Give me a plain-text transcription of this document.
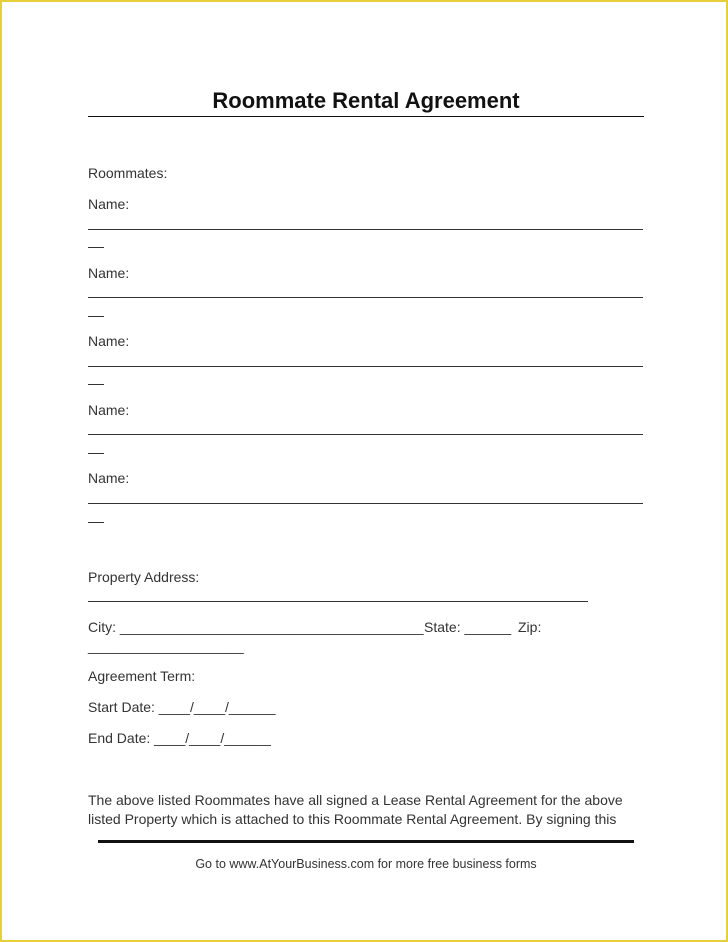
Roommate Rental Agreement
Roommates:
Name:
Name:
Name:
Name:
Name:
Property Address:
City: _______________________________________ State: ______ Zip:
____________________
Agreement Term:
Start Date: ____/____/______
End Date: ____/____/______
The above listed Roommates have all signed a Lease Rental Agreement for the above listed Property which is attached to this Roommate Rental Agreement. By signing this
Go to www.AtYourBusiness.com for more free business forms
